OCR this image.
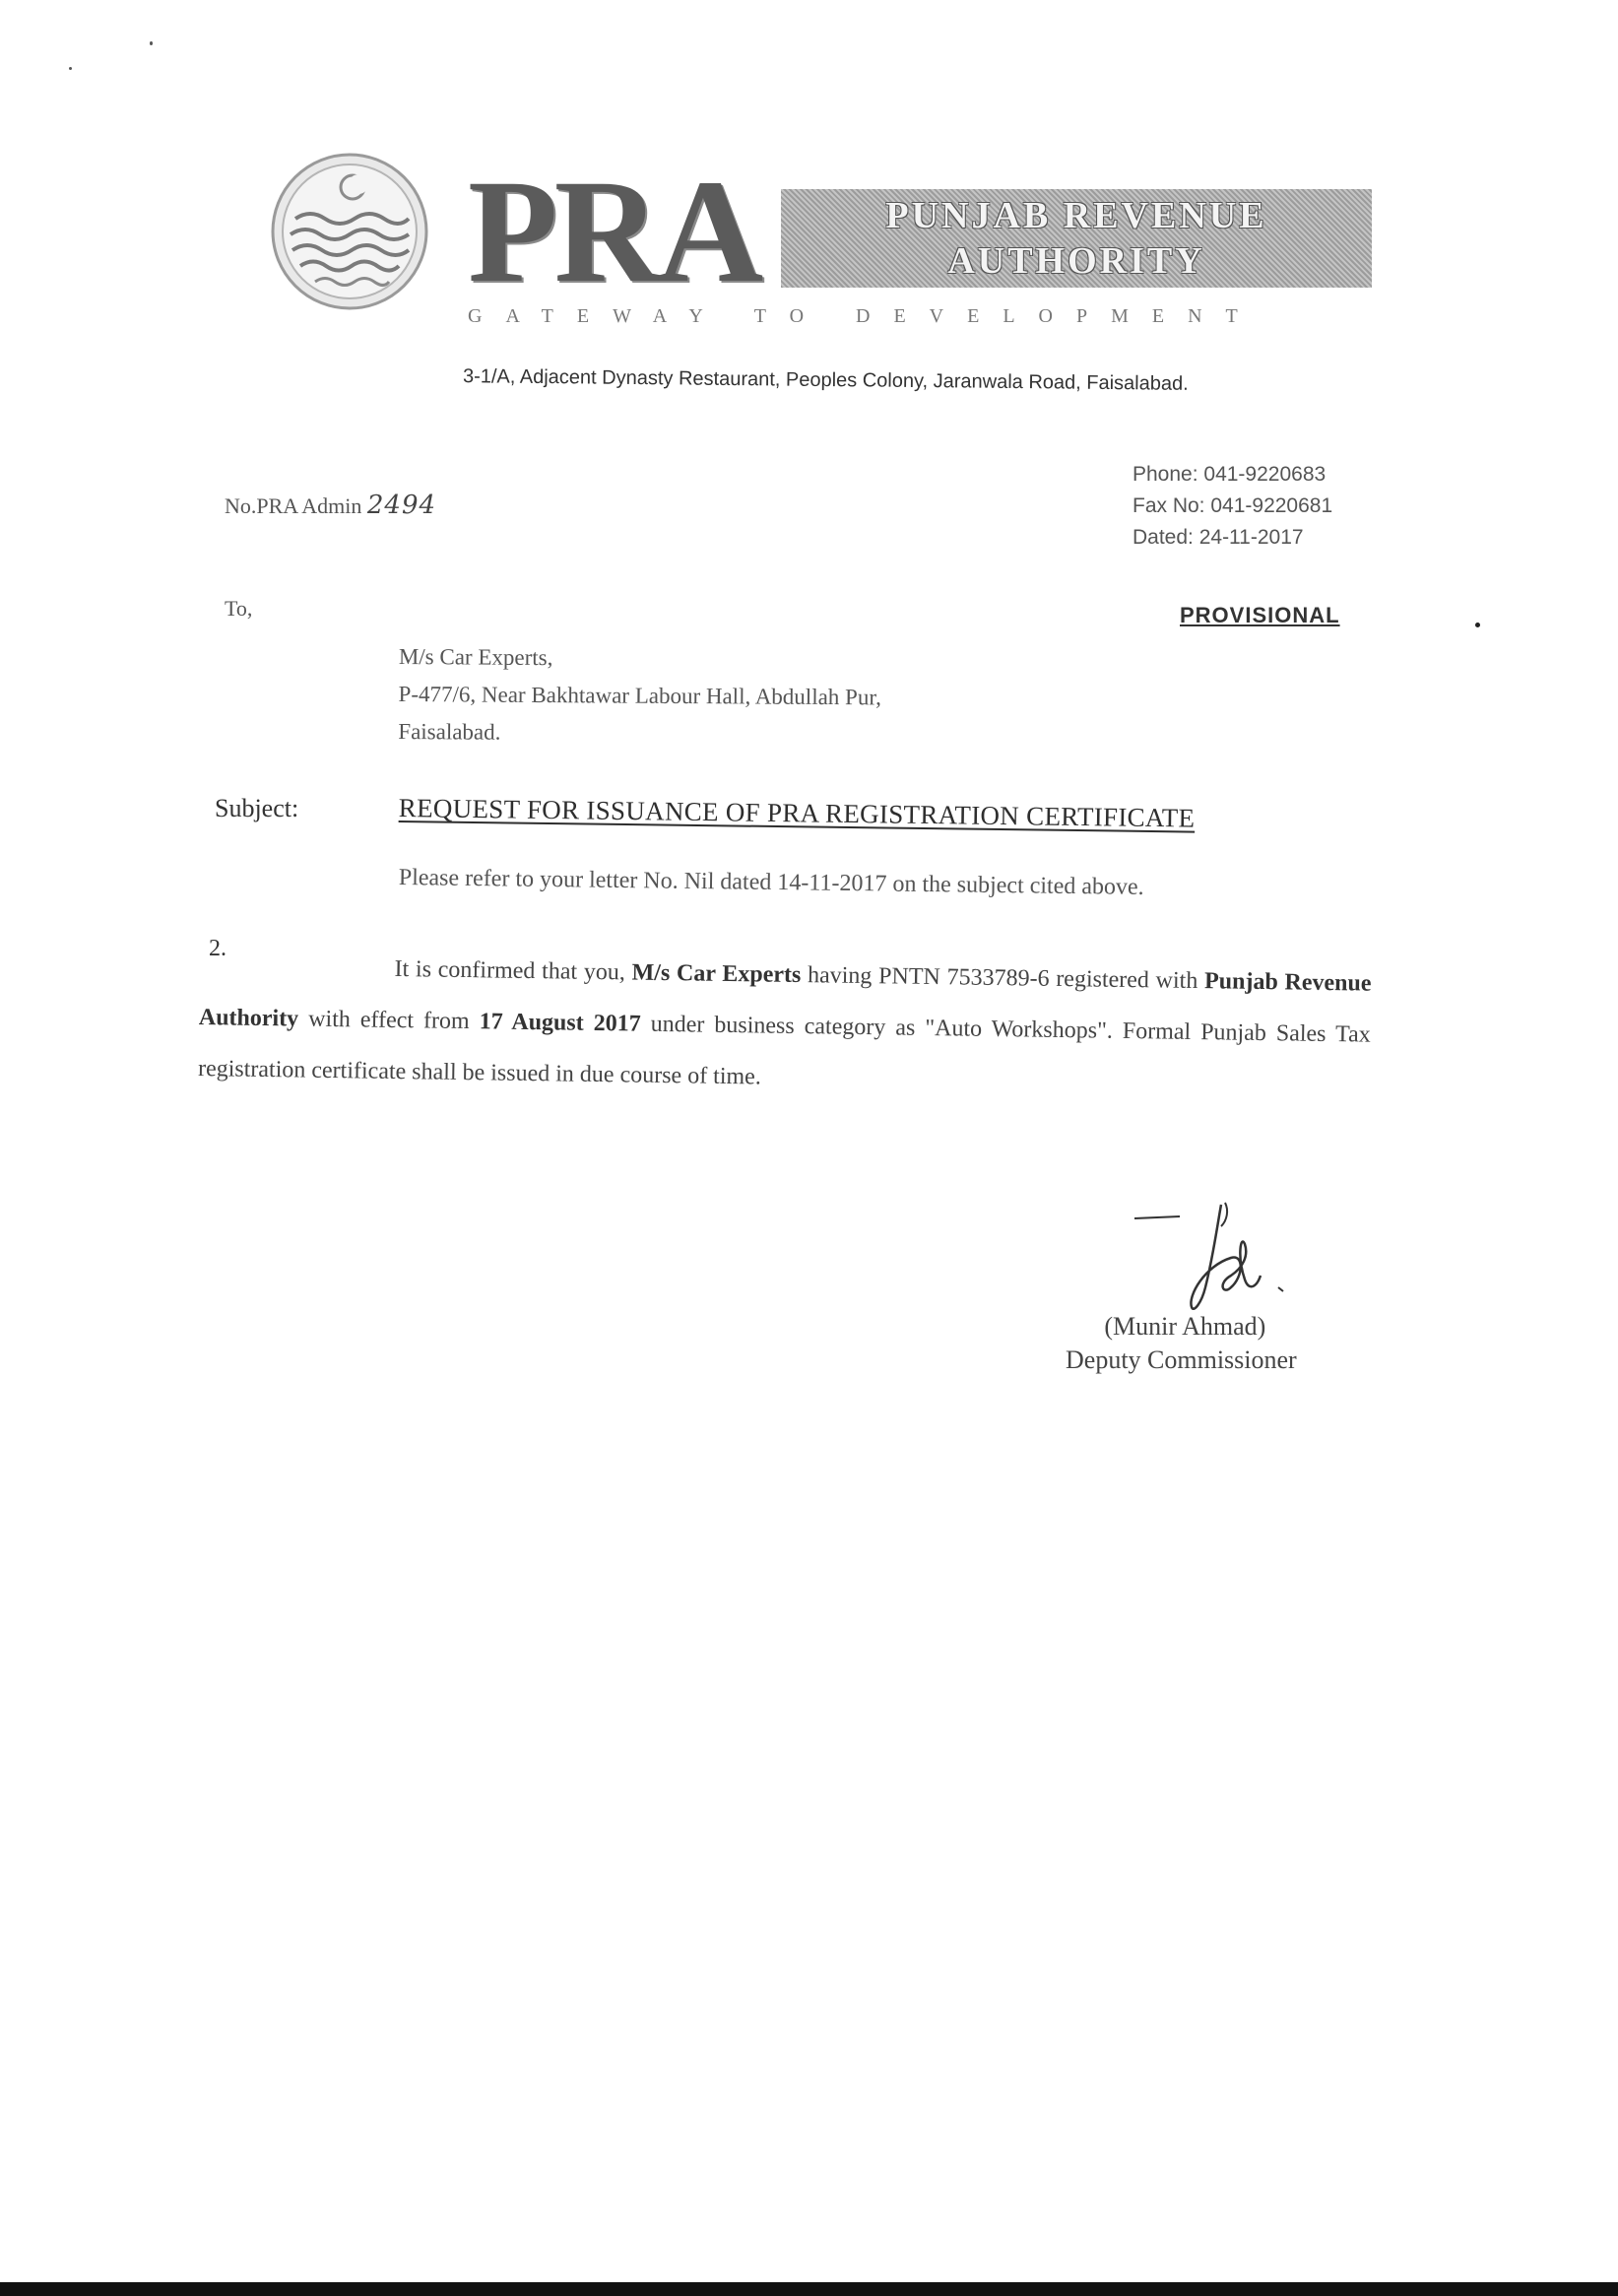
P R A	PUNJAB REVENUE
AUTHORITY
GATEWAY TO DEVELOPMENT
3-1/A, Adjacent Dynasty Restaurant, Peoples Colony, Jaranwala Road, Faisalabad.
No.PRA Admin 2494
Phone: 041-9220683
Fax No: 041-9220681
Dated: 24-11-2017
PROVISIONAL
To,
M/s Car Experts,
P-477/6, Near Bakhtawar Labour Hall, Abdullah Pur,
Faisalabad.
Subject:	REQUEST FOR ISSUANCE OF PRA REGISTRATION CERTIFICATE
Please refer to your letter No. Nil dated 14-11-2017 on the subject cited above.
2.
It is confirmed that you, M/s Car Experts having PNTN 7533789-6 registered with Punjab Revenue Authority with effect from 17 August 2017 under business category as "Auto Workshops". Formal Punjab Sales Tax registration certificate shall be issued in due course of time.
(Munir Ahmad)
Deputy Commissioner
